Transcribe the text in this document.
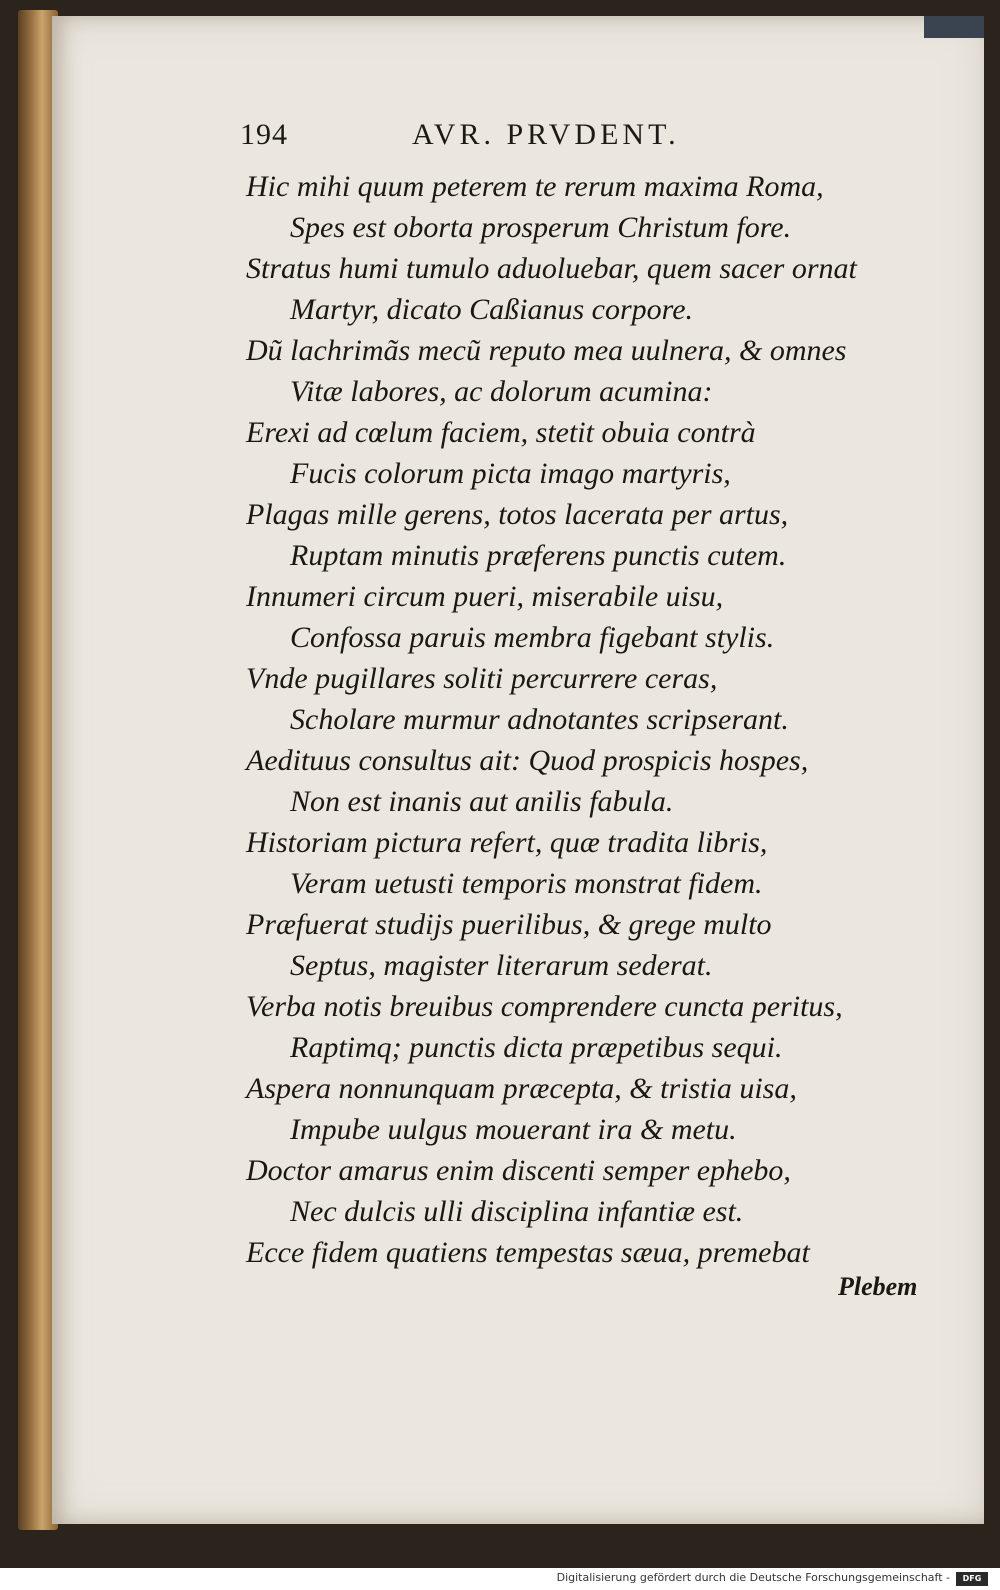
194	AVR. PRVDENT.
Hic mihi quum peterem te rerum maxima Roma,
Spes est oborta prosperum Christum fore.
Stratus humi tumulo aduoluebar, quem sacer ornat
Martyr, dicato Caßianus corpore.
Dũ lachrimãs mecũ reputo mea uulnera, & omnes
Vitæ labores, ac dolorum acumina:
Erexi ad cœlum faciem, stetit obuia contrà
Fucis colorum picta imago martyris,
Plagas mille gerens, totos lacerata per artus,
Ruptam minutis præferens punctis cutem.
Innumeri circum pueri, miserabile uisu,
Confossa paruis membra figebant stylis.
Vnde pugillares soliti percurrere ceras,
Scholare murmur adnotantes scripserant.
Aedituus consultus ait: Quod prospicis hospes,
Non est inanis aut anilis fabula.
Historiam pictura refert, quæ tradita libris,
Veram uetusti temporis monstrat fidem.
Præfuerat studijs puerilibus, & grege multo
Septus, magister literarum sederat.
Verba notis breuibus comprendere cuncta peritus,
Raptimq; punctis dicta præpetibus sequi.
Aspera nonnunquam præcepta, & tristia uisa,
Impube uulgus mouerant ira & metu.
Doctor amarus enim discenti semper ephebo,
Nec dulcis ulli disciplina infantiæ est.
Ecce fidem quatiens tempestas sæua, premebat
Plebem
Digitalisierung gefördert durch die Deutsche Forschungsgemeinschaft -	DFG
